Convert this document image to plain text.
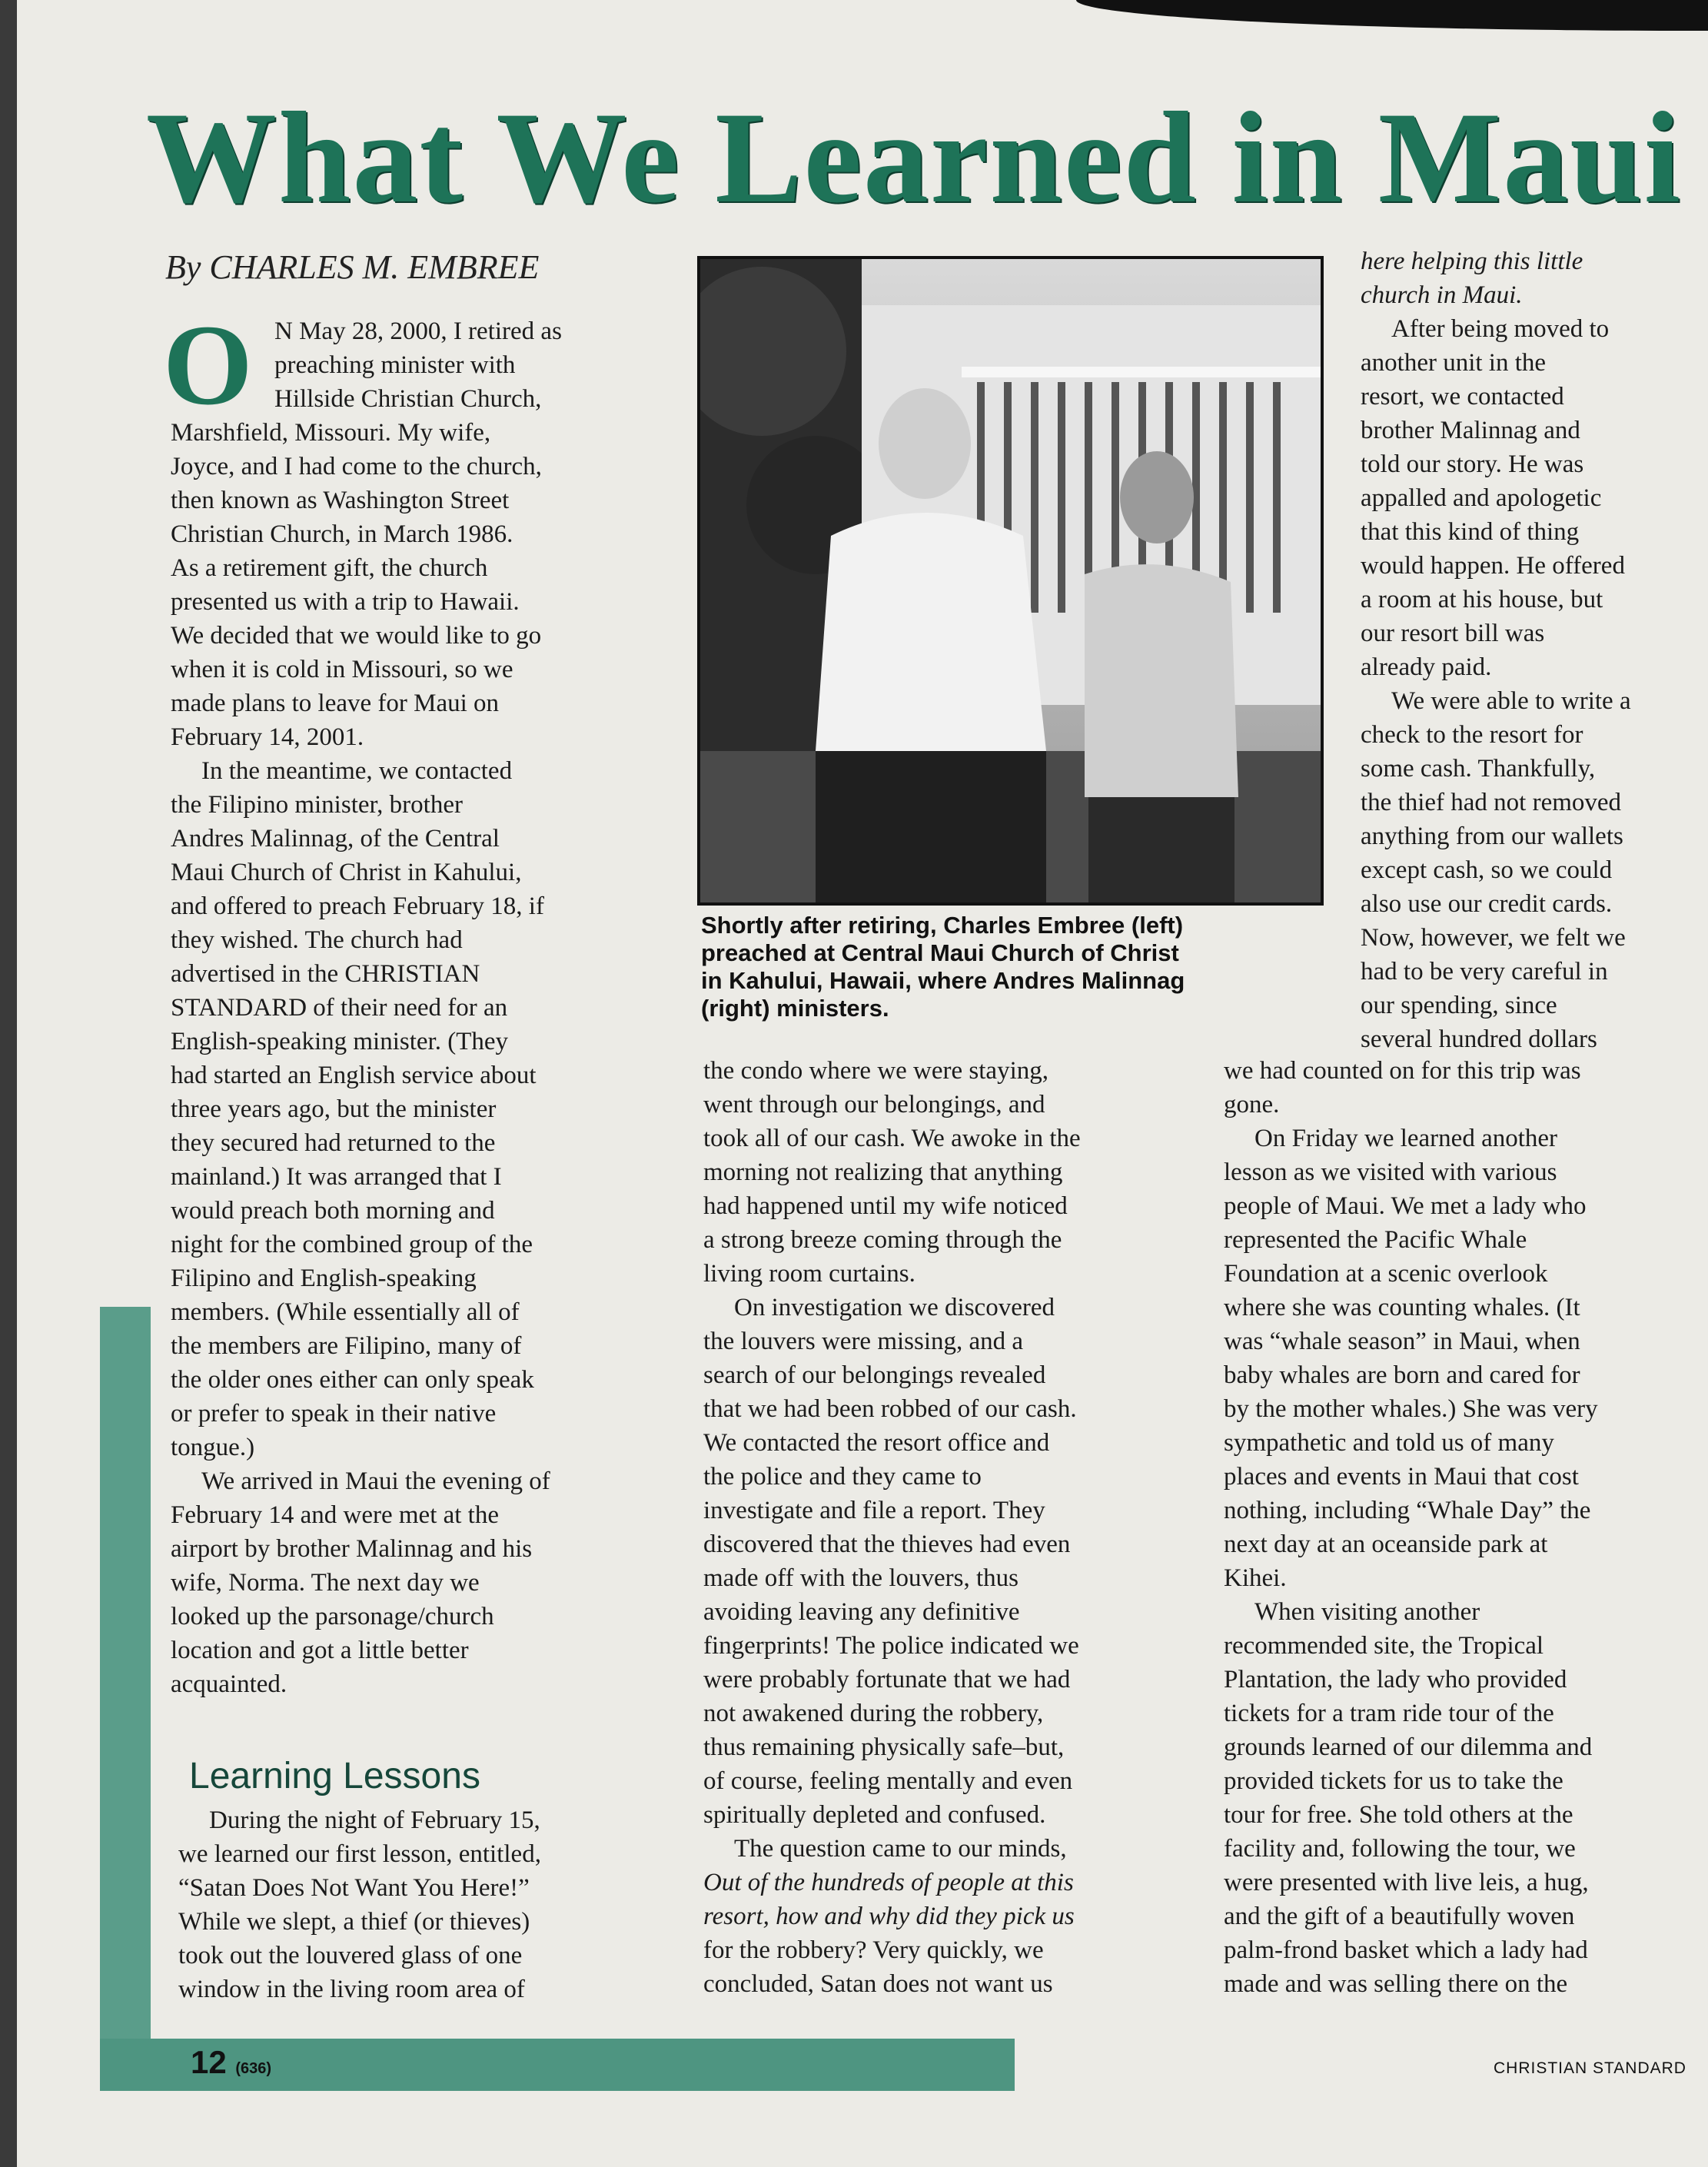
What We Learned in Maui
By CHARLES M. EMBREE
O N May 28, 2000, I retired as

preaching minister with

Hillside Christian Church,

Marshfield, Missouri. My wife,

Joyce, and I had come to the church,

then known as Washington Street

Christian Church, in March 1986.

As a retirement gift, the church

presented us with a trip to Hawaii.

We decided that we would like to go

when it is cold in Missouri, so we

made plans to leave for Maui on

February 14, 2001.

In the meantime, we contacted

the Filipino minister, brother

Andres Malinnag, of the Central

Maui Church of Christ in Kahului,

and offered to preach February 18, if

they wished. The church had

advertised in the CHRISTIAN

STANDARD of their need for an

English-speaking minister. (They

had started an English service about

three years ago, but the minister

they secured had returned to the

mainland.) It was arranged that I

would preach both morning and

night for the combined group of the

Filipino and English-speaking

members. (While essentially all of

the members are Filipino, many of

the older ones either can only speak

or prefer to speak in their native

tongue.)

We arrived in Maui the evening of

February 14 and were met at the

airport by brother Malinnag and his

wife, Norma. The next day we

looked up the parsonage/church

location and got a little better

acquainted.

Learning Lessons

During the night of February 15,

we learned our first lesson, entitled,

“Satan Does Not Want You Here!”

While we slept, a thief (or thieves)

took out the louvered glass of one

window in the living room area of

Shortly after retiring, Charles Embree (left)
preached at Central Maui Church of Christ
in Kahului, Hawaii, where Andres Malinnag
(right) ministers.

the condo where we were staying,

went through our belongings, and

took all of our cash. We awoke in the

morning not realizing that anything

had happened until my wife noticed

a strong breeze coming through the

living room curtains.

On investigation we discovered

the louvers were missing, and a

search of our belongings revealed

that we had been robbed of our cash.

We contacted the resort office and

the police and they came to

investigate and file a report. They

discovered that the thieves had even

made off with the louvers, thus

avoiding leaving any definitive

fingerprints! The police indicated we

were probably fortunate that we had

not awakened during the robbery,

thus remaining physically safe–but,

of course, feeling mentally and even

spiritually depleted and confused.

The question came to our minds,

Out of the hundreds of people at this

resort, how and why did they pick us

for the robbery? Very quickly, we

concluded, Satan does not want us

here helping this little

church in Maui.

After being moved to

another unit in the

resort, we contacted

brother Malinnag and

told our story. He was

appalled and apologetic

that this kind of thing

would happen. He offered

a room at his house, but

our resort bill was

already paid.

We were able to write a

check to the resort for

some cash. Thankfully,

the thief had not removed

anything from our wallets

except cash, so we could

also use our credit cards.

Now, however, we felt we

had to be very careful in

our spending, since

several hundred dollars

we had counted on for this trip was

gone.

On Friday we learned another

lesson as we visited with various

people of Maui. We met a lady who

represented the Pacific Whale

Foundation at a scenic overlook

where she was counting whales. (It

was “whale season” in Maui, when

baby whales are born and cared for

by the mother whales.) She was very

sympathetic and told us of many

places and events in Maui that cost

nothing, including “Whale Day” the

next day at an oceanside park at

Kihei.

When visiting another

recommended site, the Tropical

Plantation, the lady who provided

tickets for a tram ride tour of the

grounds learned of our dilemma and

provided tickets for us to take the

tour for free. She told others at the

facility and, following the tour, we

were presented with live leis, a hug,

and the gift of a beautifully woven

palm-frond basket which a lady had

made and was selling there on the

12 (636)	CHRISTIAN STANDARD
